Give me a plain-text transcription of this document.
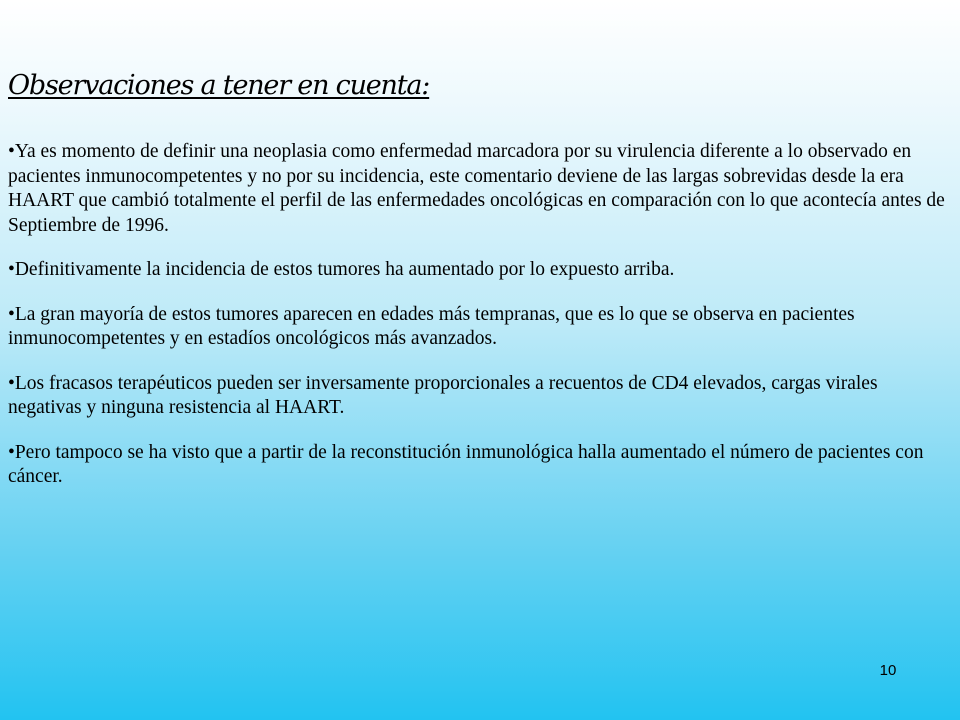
Observaciones a tener en cuenta:
• Ya es momento de definir una neoplasia como enfermedad marcadora por su virulencia diferente a lo observado en pacientes inmunocompetentes y no por su incidencia, este comentario deviene de las largas sobrevidas desde la era HAART que cambió totalmente el perfil de las enfermedades oncológicas en comparación con lo que acontecía antes de Septiembre de 1996.
• Definitivamente la incidencia de estos tumores ha aumentado por lo expuesto arriba.
• La gran mayoría de estos tumores aparecen en edades más tempranas, que es lo que se observa en pacientes inmunocompetentes y en estadíos oncológicos más avanzados.
• Los fracasos terapéuticos pueden ser inversamente proporcionales a recuentos de CD4 elevados, cargas virales negativas y ninguna resistencia al HAART.
• Pero tampoco se ha visto que a partir de la reconstitución inmunológica halla aumentado el número de pacientes con cáncer.
10
